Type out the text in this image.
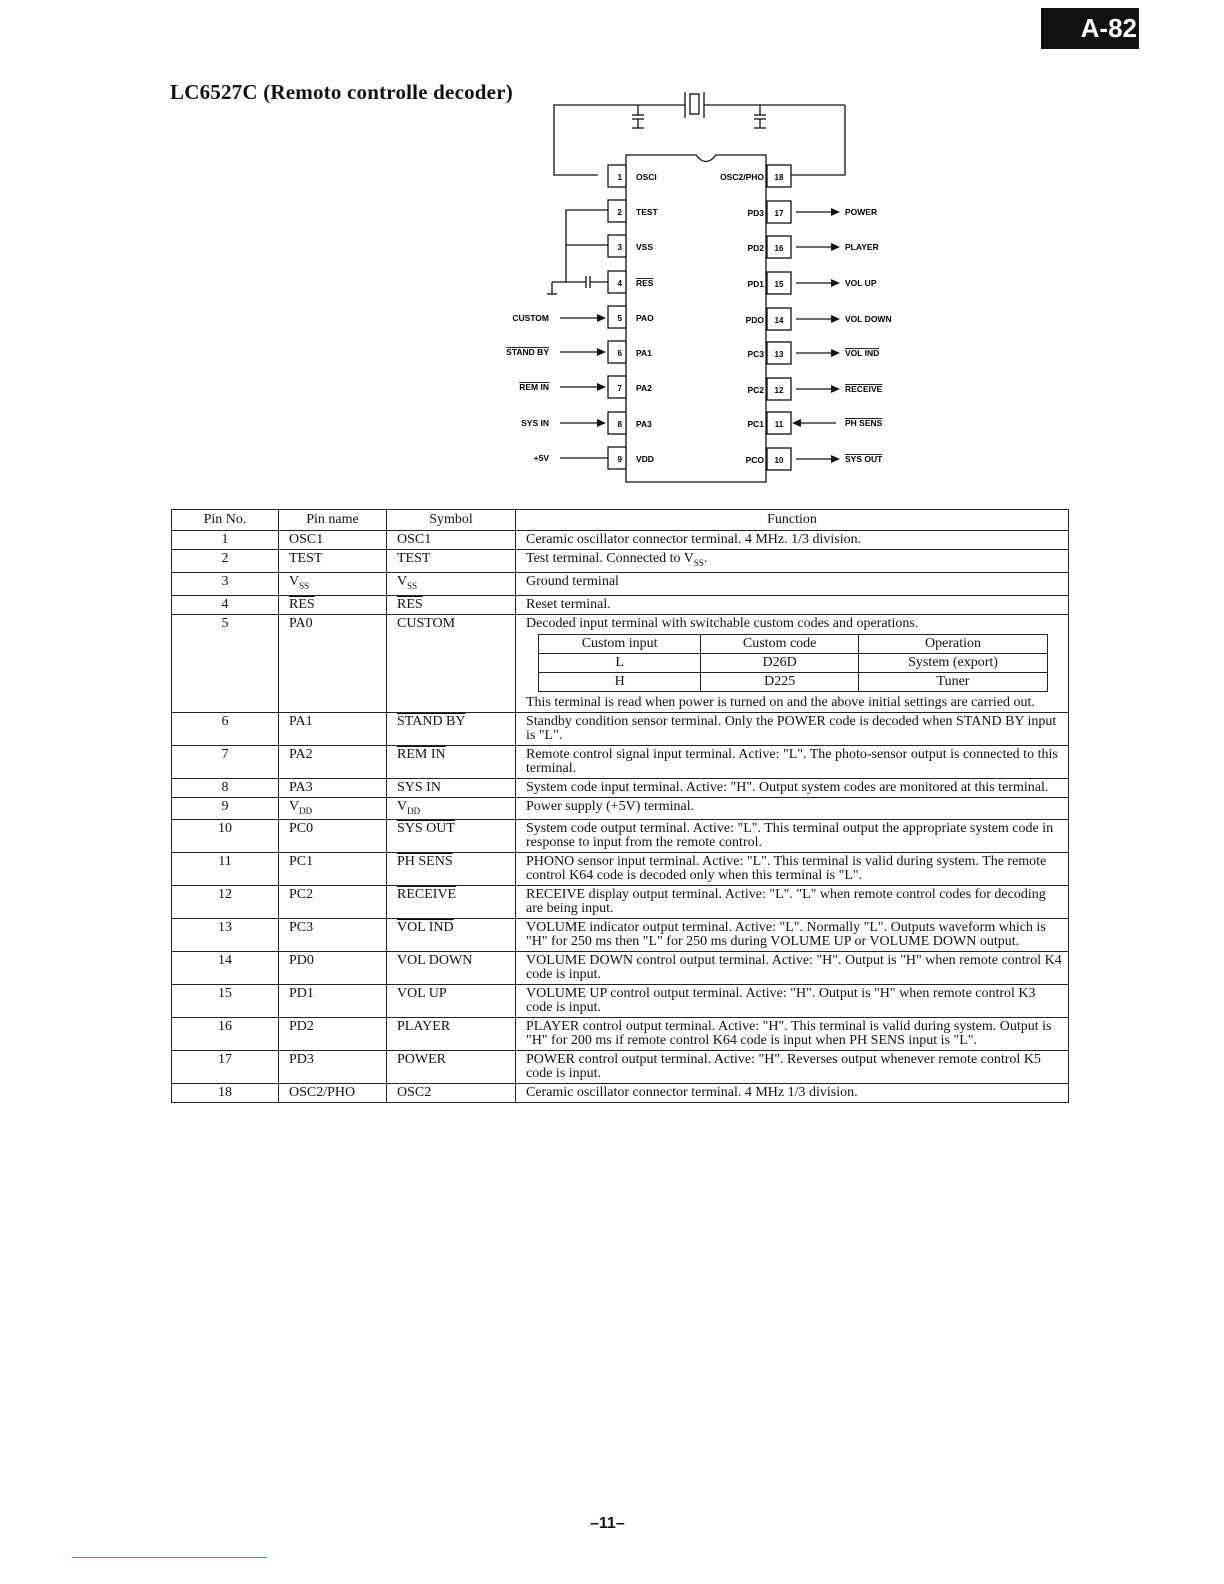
A-82
LC6527C (Remoto controlle decoder)
1
2
3
4
5
6
7
8
9
OSCI
TEST
VSS
RES
PAO
PA1
PA2
PA3
VDD
18
17
16
15
14
13
12
11
10
OSC2/PHO
PD3
PD2
PD1
PDO
PC3
PC2
PC1
PCO
CUSTOM
STAND BY
REM IN
SYS IN
+5V
POWER
PLAYER
VOL UP
VOL DOWN
VOL IND
RECEIVE
PH SENS
SYS OUT
Pin No.	Pin name	Symbol	Function
1	OSC1	OSC1	Ceramic oscillator connector terminal. 4 MHz. 1/3 division.
2	TEST	TEST	Test terminal. Connected to $V_{SS}$.
3	$V_{SS}$	$V_{SS}$	Ground terminal
4	$\overline{RES}$	$\overline{RES}$	Reset terminal.
5	PA0	CUSTOM	Decoded input terminal with switchable custom codes and operations.
Custom input	Custom code	Operation
L	D26D	System (export)
H	D225	Tuner
This terminal is read when power is turned on and the above initial settings are carried out.

6	PA1	STAND BY	Standby condition sensor terminal. Only the POWER code is decoded when STAND BY input is "L".
7	PA2	REM IN	Remote control signal input terminal. Active: "L". The photo-sensor output is connected to this terminal.
8	PA3	SYS IN	System code input terminal. Active: "H". Output system codes are monitored at this terminal.
9	$V_{DD}$	$V_{DD}$	Power supply (+5V) terminal.
10	PC0	SYS OUT	System code output terminal. Active: "L". This terminal output the appropriate system code in response to input from the remote control.
11	PC1	PH SENS	PHONO sensor input terminal. Active: "L". This terminal is valid during system. The remote control K64 code is decoded only when this terminal is "L".
12	PC2	RECEIVE	RECEIVE display output terminal. Active: "L". "L" when remote control codes for decoding are being input.
13	PC3	VOL IND	VOLUME indicator output terminal. Active: "L". Normally "L". Outputs waveform which is "H" for 250 ms then "L" for 250 ms during VOLUME UP or VOLUME DOWN output.
14	PD0	VOL DOWN	VOLUME DOWN control output terminal. Active: "H". Output is "H" when remote control K4 code is input.
15	PD1	VOL UP	VOLUME UP control output terminal. Active: "H". Output is "H" when remote control K3 code is input.
16	PD2	PLAYER	PLAYER control output terminal. Active: "H". This terminal is valid during system. Output is "H" for 200 ms if remote control K64 code is input when PH SENS input is "L".
17	PD3	POWER	POWER control output terminal. Active: "H". Reverses output whenever remote control K5 code is input.
18	OSC2/PHO	OSC2	Ceramic oscillator connector terminal. 4 MHz 1/3 division.
–11–
